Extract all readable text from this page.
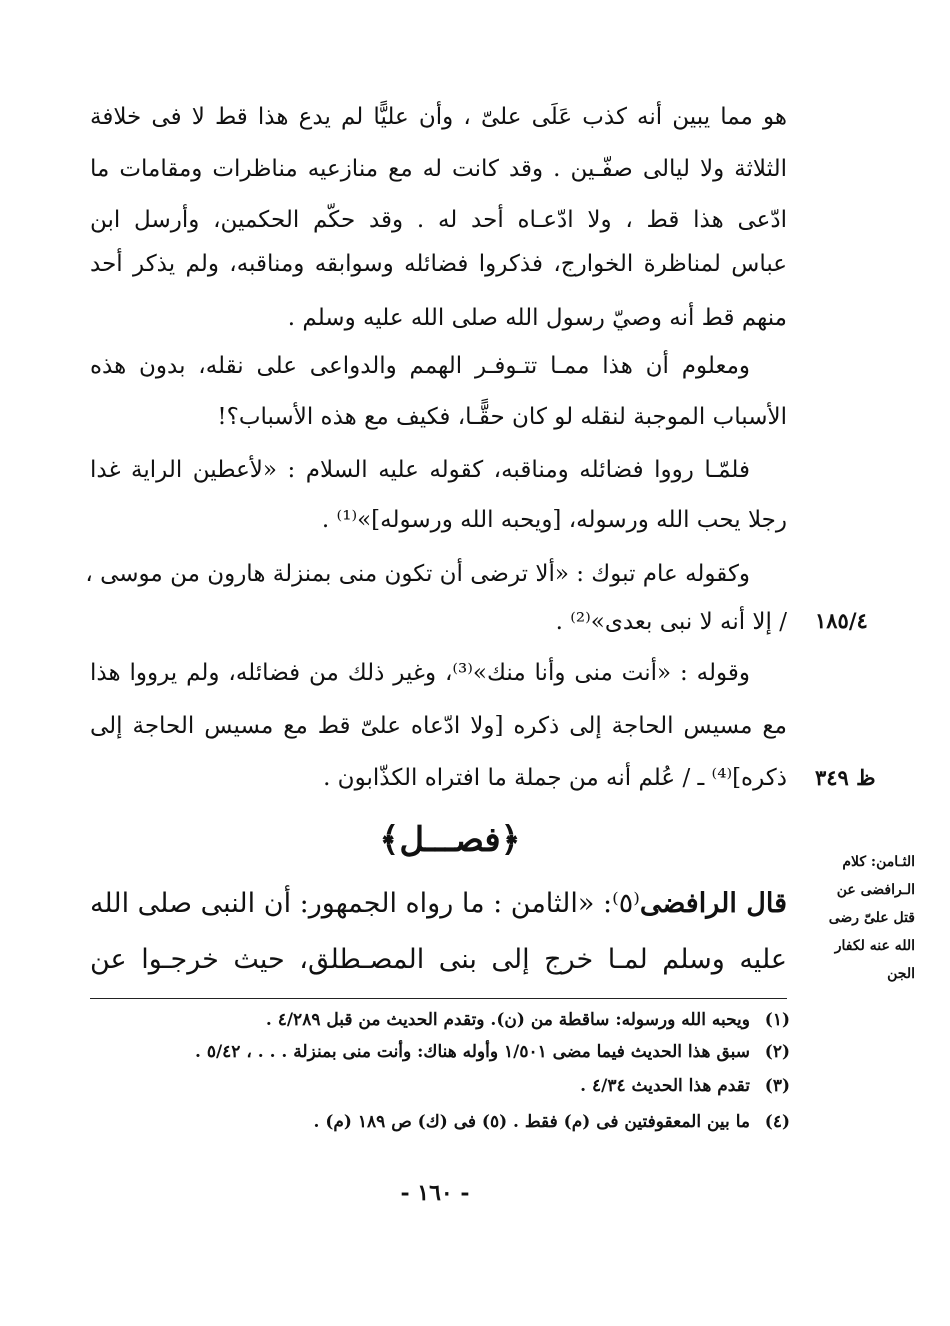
هو مما يبين أنه كذب عَلَى علىّ ، وأن عليًّا لم يدع هذا قط لا فى خلافة
الثلاثة ولا ليالى صفّـين . وقد كانت له مع منازعيه مناظرات ومقامات ما
ادّعى هذا قط ، ولا ادّعـاه أحد له . وقد حكّم الحكمين، وأرسل ابن
عباس لمناظرة الخوارج، فذكروا فضائله وسوابقه ومناقبه، ولم يذكر أحد
منهم قط أنه وصيّ رسول الله صلى الله عليه وسلم .
ومعلوم أن هذا ممـا تتـوفـر الهمم والدواعى على نقله، بدون هذه
الأسباب الموجبة لنقله لو كان حقًّـا، فكيف مع هذه الأسباب؟!
فلمّـا رووا فضائله ومناقبه، كقوله عليه السلام : «لأعطين الراية غدا
رجلا يحب الله ورسوله، [ويحبه الله ورسوله]»⁽¹⁾ .
وكقوله عام تبوك : «ألا ترضى أن تكون منى بمنزلة هارون من موسى ،
/ إلا أنه لا نبى بعدى»⁽²⁾ .
وقوله : «أنت منى وأنا منك»⁽³⁾، وغير ذلك من فضائله، ولم يرووا هذا
مع مسيس الحاجة إلى ذكره [ولا ادّعاه علىّ قط مع مسيس الحاجة إلى
ذكره]⁽⁴⁾ ـ / عُلم أنه من جملة ما افتراه الكذّابون .
١٨٥/٤
ظ ٣٤٩
﴿فصـــل﴾
الثـامن: كلام
الـرافضى عن
قتل علىّ رضى
الله عنه لكفار
الجن
قال الرافضى⁽٥⁾: «الثامن : ما رواه الجمهور: أن النبى صلى الله
عليه وسلم لمـا خرج إلى بنى المصـطلق، حيث خرجـوا عن
(١)ويحبه الله ورسوله: ساقطة من (ن). وتقدم الحديث من قبل ٤/٢٨٩ .
(٢)سبق هذا الحديث فيما مضى ١/٥٠١ وأوله هناك: وأنت منى بمنزلة . . . ، ٥/٤٢ .
(٣)تقدم هذا الحديث ٤/٣٤ .
(٤)ما بين المعقوفتين فى (م) فقط . (٥) فى (ك) ص ١٨٩ (م) .
- ١٦٠ -
